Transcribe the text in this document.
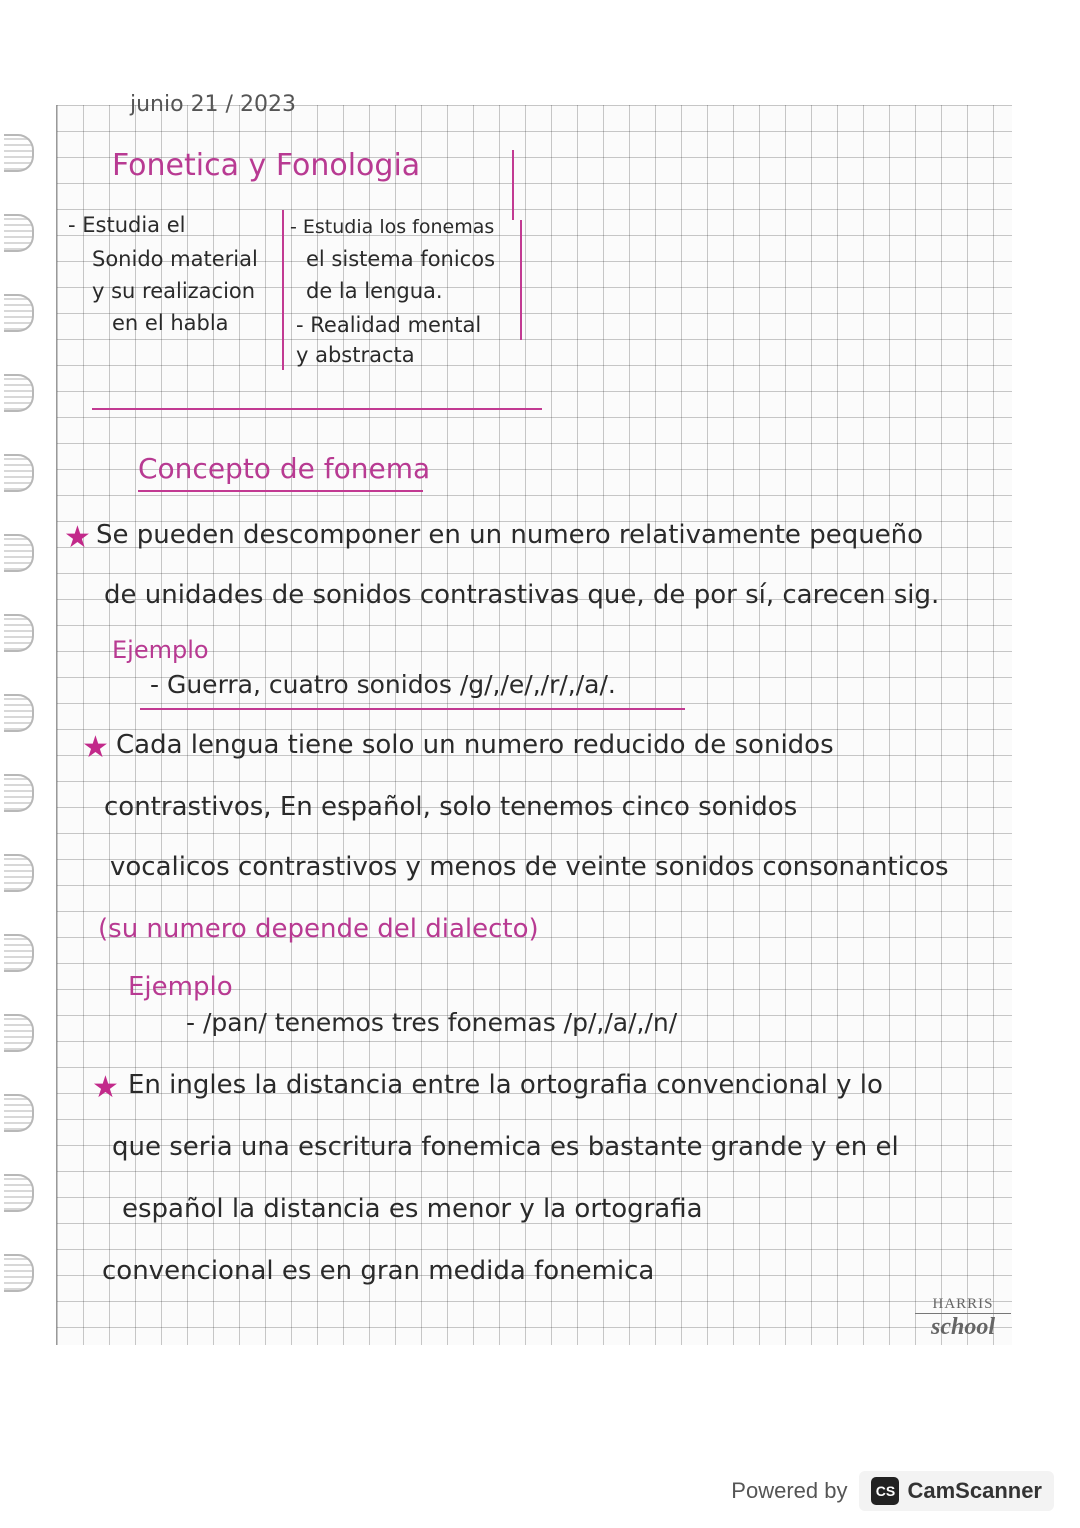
junio 21 / 2023
Fonetica y Fonologia
- Estudia el
Sonido material
y su realizacion
en el habla
- Estudia los fonemas
el sistema fonicos
de la lengua.
- Realidad mental
y abstracta
Concepto de fonema
★ Se pueden descomponer en un numero relativamente pequeño
de unidades de sonidos contrastivas que, de por sí, carecen sig.
Ejemplo
- Guerra, cuatro sonidos /g/,/e/,/r/,/a/.
★ Cada lengua tiene solo un numero reducido de sonidos
contrastivos, En español, solo tenemos cinco sonidos
vocalicos contrastivos y menos de veinte sonidos consonanticos
(su numero depende del dialecto)
Ejemplo
- /pan/ tenemos tres fonemas /p/,/a/,/n/
★ En ingles la distancia entre la ortografia convencional y lo
que seria una escritura fonemica es bastante grande y en el
español la distancia es menor y la ortografia
convencional es en gran medida fonemica
HARRIS
school
Powered by	CS CamScanner
